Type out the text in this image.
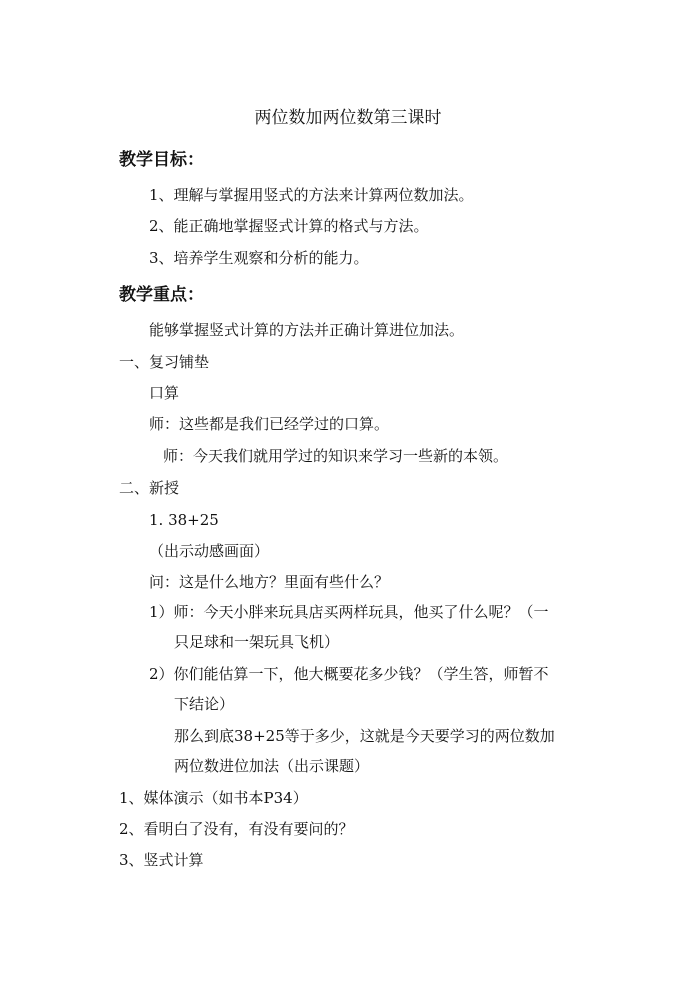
两位数加两位数第三课时
教学目标：
1、理解与掌握用竖式的方法来计算两位数加法。
2、能正确地掌握竖式计算的格式与方法。
3、培养学生观察和分析的能力。
教学重点：
能够掌握竖式计算的方法并正确计算进位加法。
一、复习铺垫
口算
师：这些都是我们已经学过的口算。
师：今天我们就用学过的知识来学习一些新的本领。
二、新授
1. 38+25
（出示动感画面）
问：这是什么地方？里面有些什么？
1）师：今天小胖来玩具店买两样玩具，他买了什么呢？（一
只足球和一架玩具飞机）
2）你们能估算一下，他大概要花多少钱？（学生答，师暂不
下结论）
那么到底38+25等于多少，这就是今天要学习的两位数加
两位数进位加法（出示课题）
1、媒体演示（如书本P34）
2、看明白了没有，有没有要问的？
3、竖式计算
